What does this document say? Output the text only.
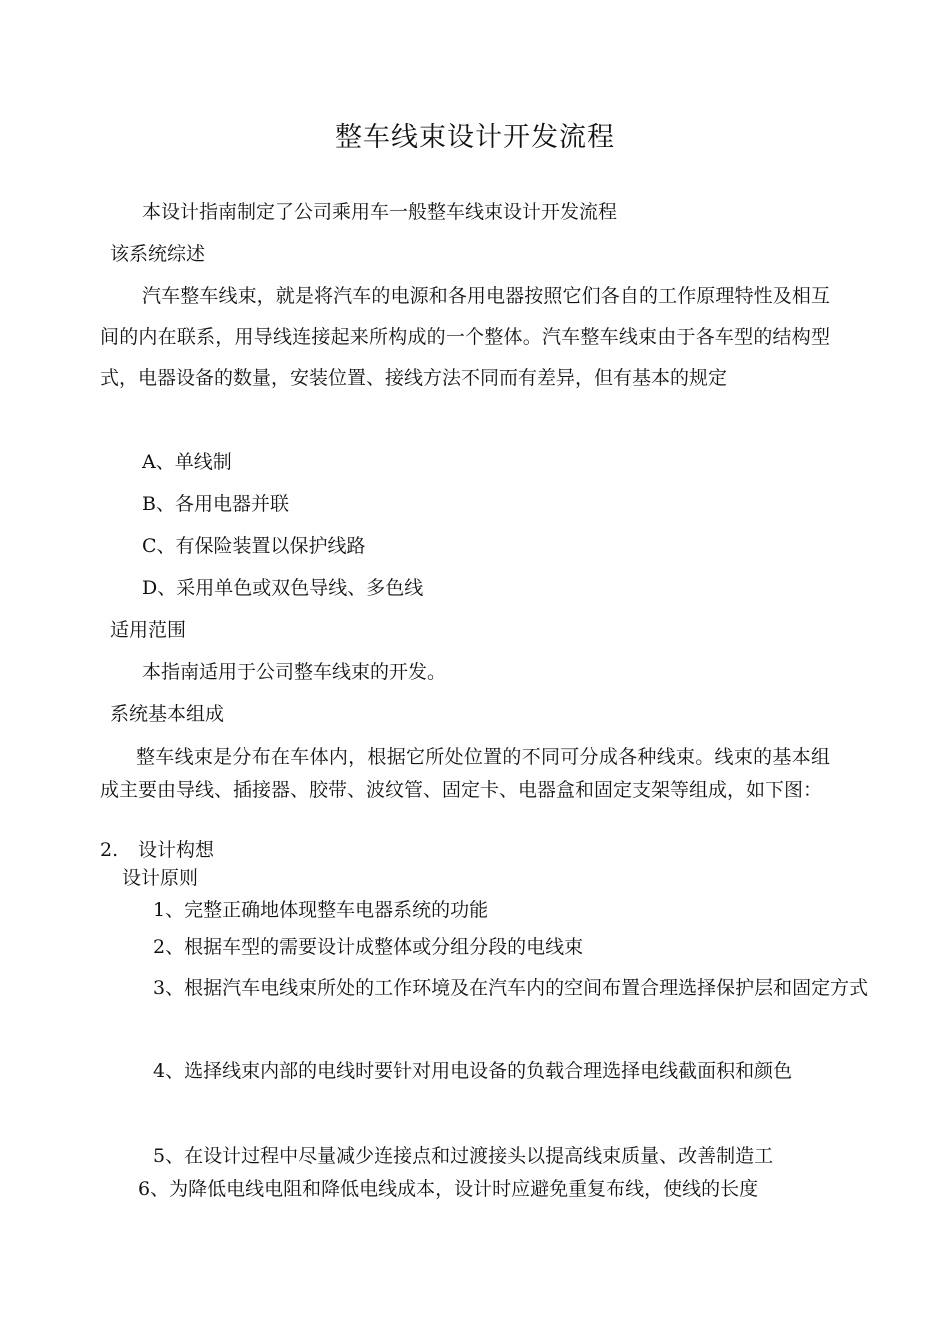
整车线束设计开发流程

本设计指南制定了公司乘用车一般整车线束设计开发流程

该系统综述

汽车整车线束，就是将汽车的电源和各用电器按照它们各自的工作原理特性及相互间的内在联系，用导线连接起来所构成的一个整体。汽车整车线束由于各车型的结构型式，电器设备的数量，安装位置、接线方法不同而有差异，但有基本的规定

A、单线制

B、各用电器并联

C、有保险装置以保护线路

D、采用单色或双色导线、多色线

适用范围

本指南适用于公司整车线束的开发。

系统基本组成

整车线束是分布在车体内，根据它所处位置的不同可分成各种线束。线束的基本组成主要由导线、插接器、胶带、波纹管、固定卡、电器盒和固定支架等组成，如下图：

2. 设计构想

设计原则

1、完整正确地体现整车电器系统的功能

2、根据车型的需要设计成整体或分组分段的电线束

3、根据汽车电线束所处的工作环境及在汽车内的空间布置合理选择保护层和固定方式

4、选择线束内部的电线时要针对用电设备的负载合理选择电线截面积和颜色

5、在设计过程中尽量减少连接点和过渡接头以提高线束质量、改善制造工

6、为降低电线电阻和降低电线成本，设计时应避免重复布线，使线的长度
